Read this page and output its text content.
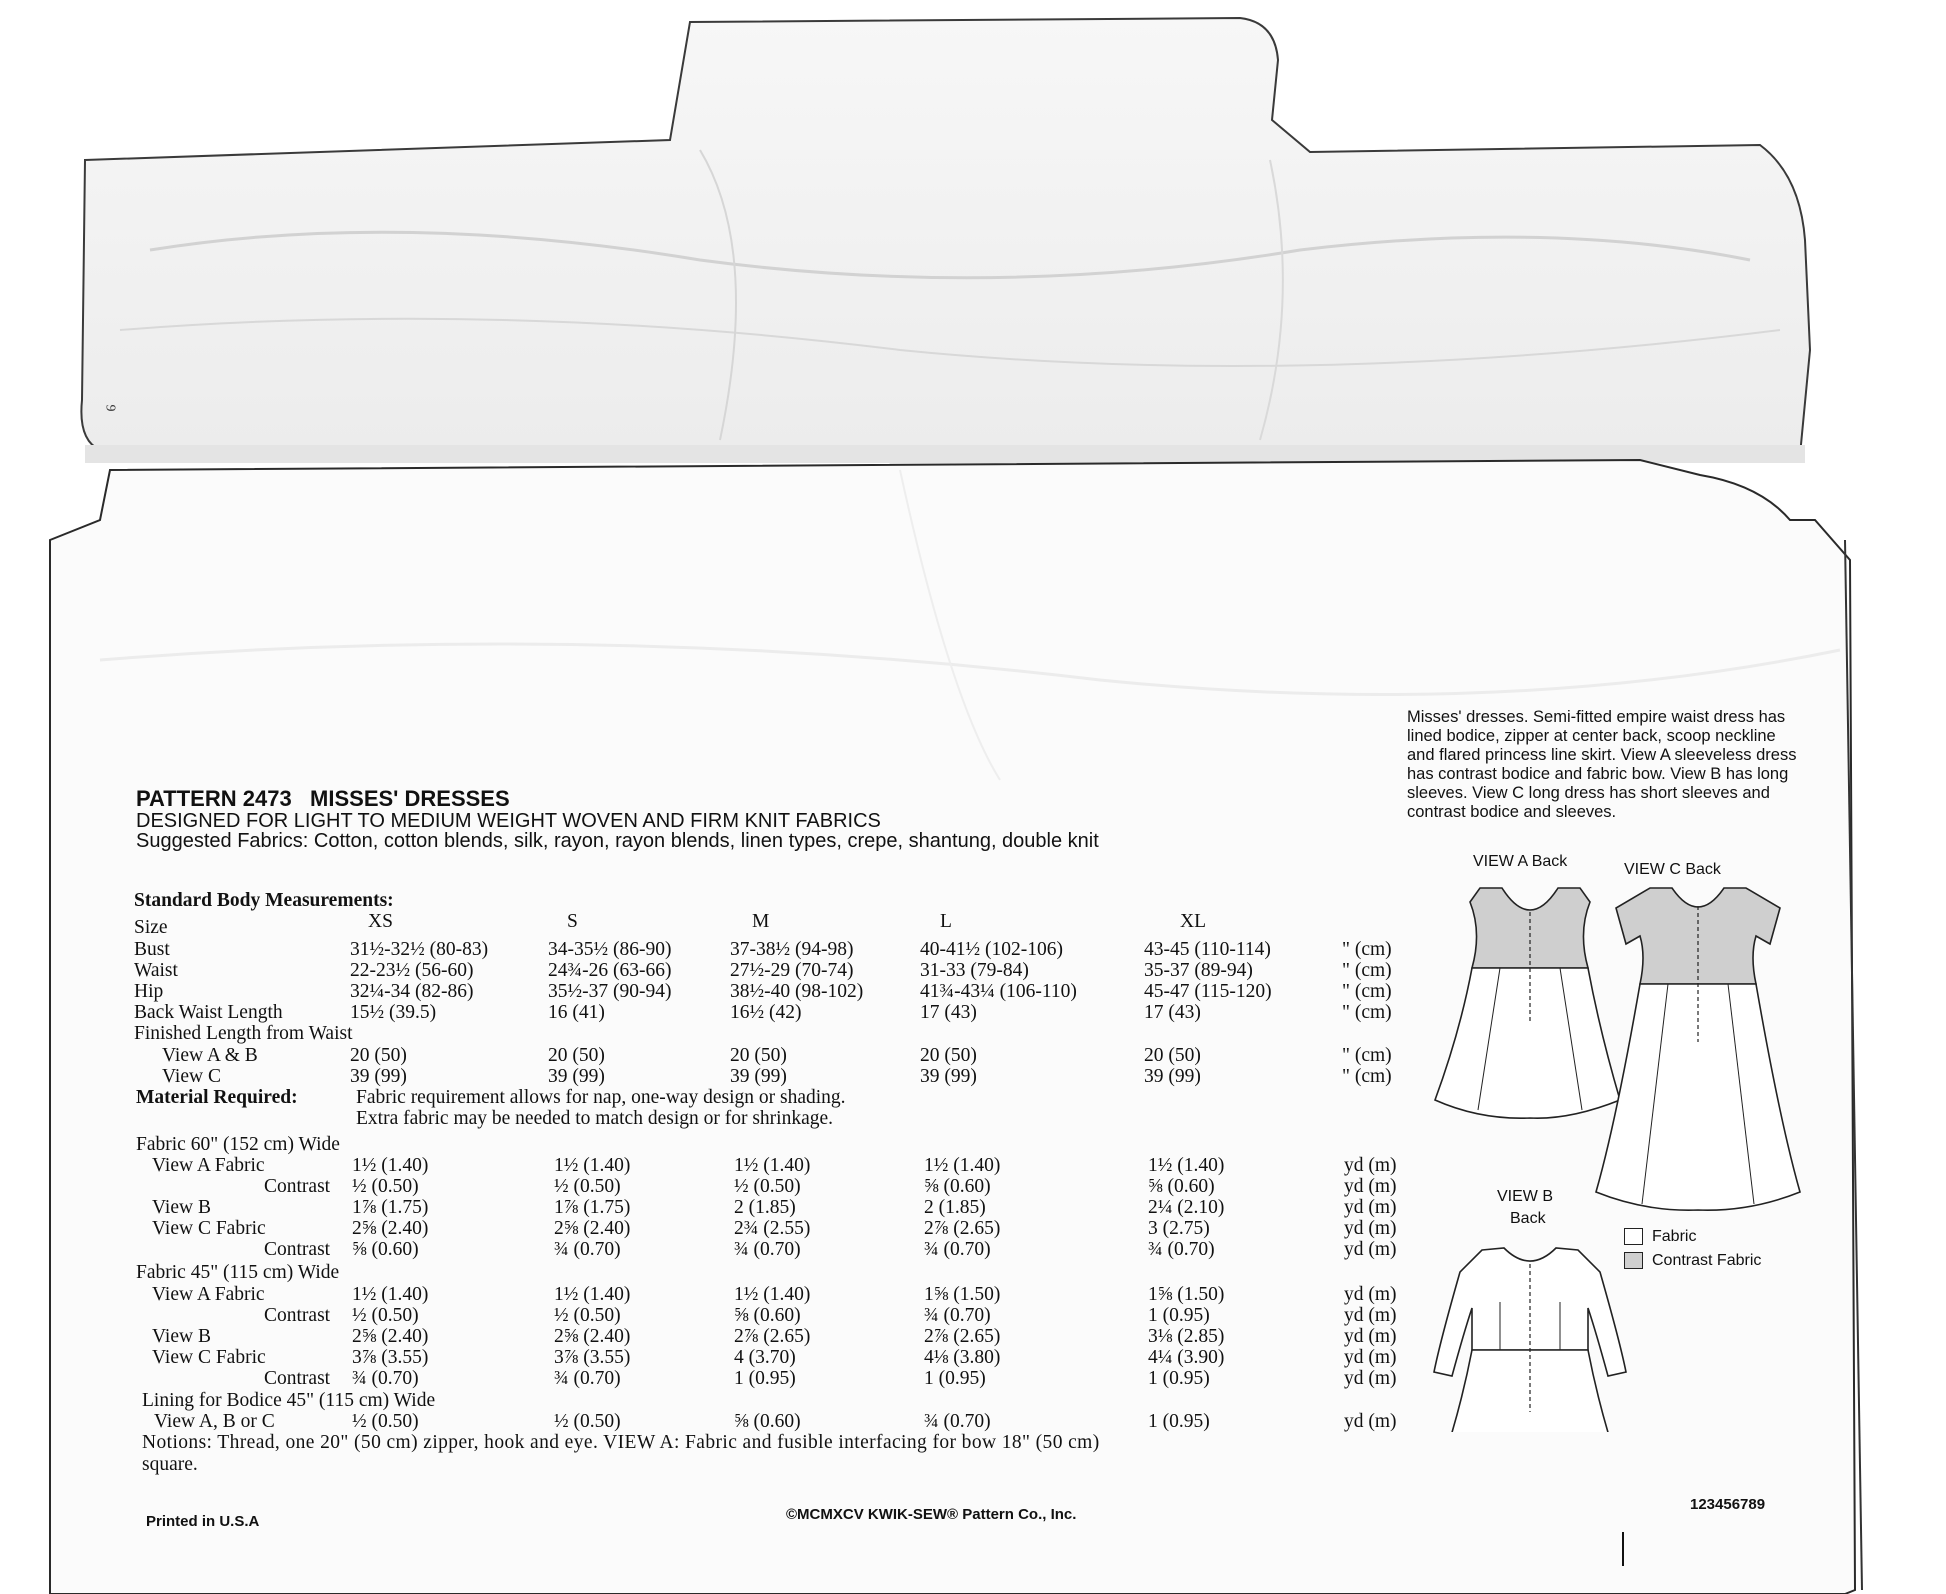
9
PATTERN 2473 MISSES' DRESSES
DESIGNED FOR LIGHT TO MEDIUM WEIGHT WOVEN AND FIRM KNIT FABRICS
Suggested Fabrics: Cotton, cotton blends, silk, rayon, rayon blends, linen types, crepe, shantung, double knit
Misses' dresses. Semi-fitted empire waist dress has lined bodice, zipper at center back, scoop neckline and flared princess line skirt. View A sleeveless dress has contrast bodice and fabric bow. View B has long sleeves. View C long dress has short sleeves and contrast bodice and sleeves.
VIEW A Back	VIEW C Back
VIEW B
Back
Fabric
Contrast Fabric
Standard Body Measurements:
Size	XS	S	M	L	XL
Bust	31½-32½ (80-83)	34-35½ (86-90)	37-38½ (94-98)	40-41½ (102-106)	43-45 (110-114)	" (cm)
Waist	22-23½ (56-60)	24¾-26 (63-66)	27½-29 (70-74)	31-33 (79-84)	35-37 (89-94)	" (cm)
Hip	32¼-34 (82-86)	35½-37 (90-94)	38½-40 (98-102)	41¾-43¼ (106-110)	45-47 (115-120)	" (cm)
Back Waist Length	15½ (39.5)	16 (41)	16½ (42)	17 (43)	17 (43)	" (cm)
Finished Length from Waist
View A & B	20 (50)	20 (50)	20 (50)	20 (50)	20 (50)	" (cm)
View C	39 (99)	39 (99)	39 (99)	39 (99)	39 (99)	" (cm)
Material Required:	Fabric requirement allows for nap, one-way design or shading.
Extra fabric may be needed to match design or for shrinkage.
Fabric 60" (152 cm) Wide
View A Fabric	1½ (1.40)	1½ (1.40)	1½ (1.40)	1½ (1.40)	1½ (1.40)	yd (m)
Contrast ½ (0.50)	½ (0.50)	½ (0.50)	⅝ (0.60)	⅝ (0.60)	yd (m)
View B	1⅞ (1.75)	1⅞ (1.75)	2 (1.85)	2 (1.85)	2¼ (2.10)	yd (m)
View C Fabric	2⅝ (2.40)	2⅝ (2.40)	2¾ (2.55)	2⅞ (2.65)	3 (2.75)	yd (m)
Contrast ⅝ (0.60)	¾ (0.70)	¾ (0.70)	¾ (0.70)	¾ (0.70)	yd (m)
Fabric 45" (115 cm) Wide
View A Fabric	1½ (1.40)	1½ (1.40)	1½ (1.40)	1⅝ (1.50)	1⅝ (1.50)	yd (m)
Contrast ½ (0.50)	½ (0.50)	⅝ (0.60)	¾ (0.70)	1 (0.95)	yd (m)
View B	2⅝ (2.40)	2⅝ (2.40)	2⅞ (2.65)	2⅞ (2.65)	3⅛ (2.85)	yd (m)
View C Fabric	3⅞ (3.55)	3⅞ (3.55)	4 (3.70)	4⅛ (3.80)	4¼ (3.90)	yd (m)
Contrast ¾ (0.70)	¾ (0.70)	1 (0.95)	1 (0.95)	1 (0.95)	yd (m)
Lining for Bodice 45" (115 cm) Wide
View A, B or C	½ (0.50)	½ (0.50)	⅝ (0.60)	¾ (0.70)	1 (0.95)	yd (m)
Notions: Thread, one 20" (50 cm) zipper, hook and eye. VIEW A: Fabric and fusible interfacing for bow 18" (50 cm)
square.
Printed in U.S.A	©MCMXCV KWIK-SEW® Pattern Co., Inc.
123456789
